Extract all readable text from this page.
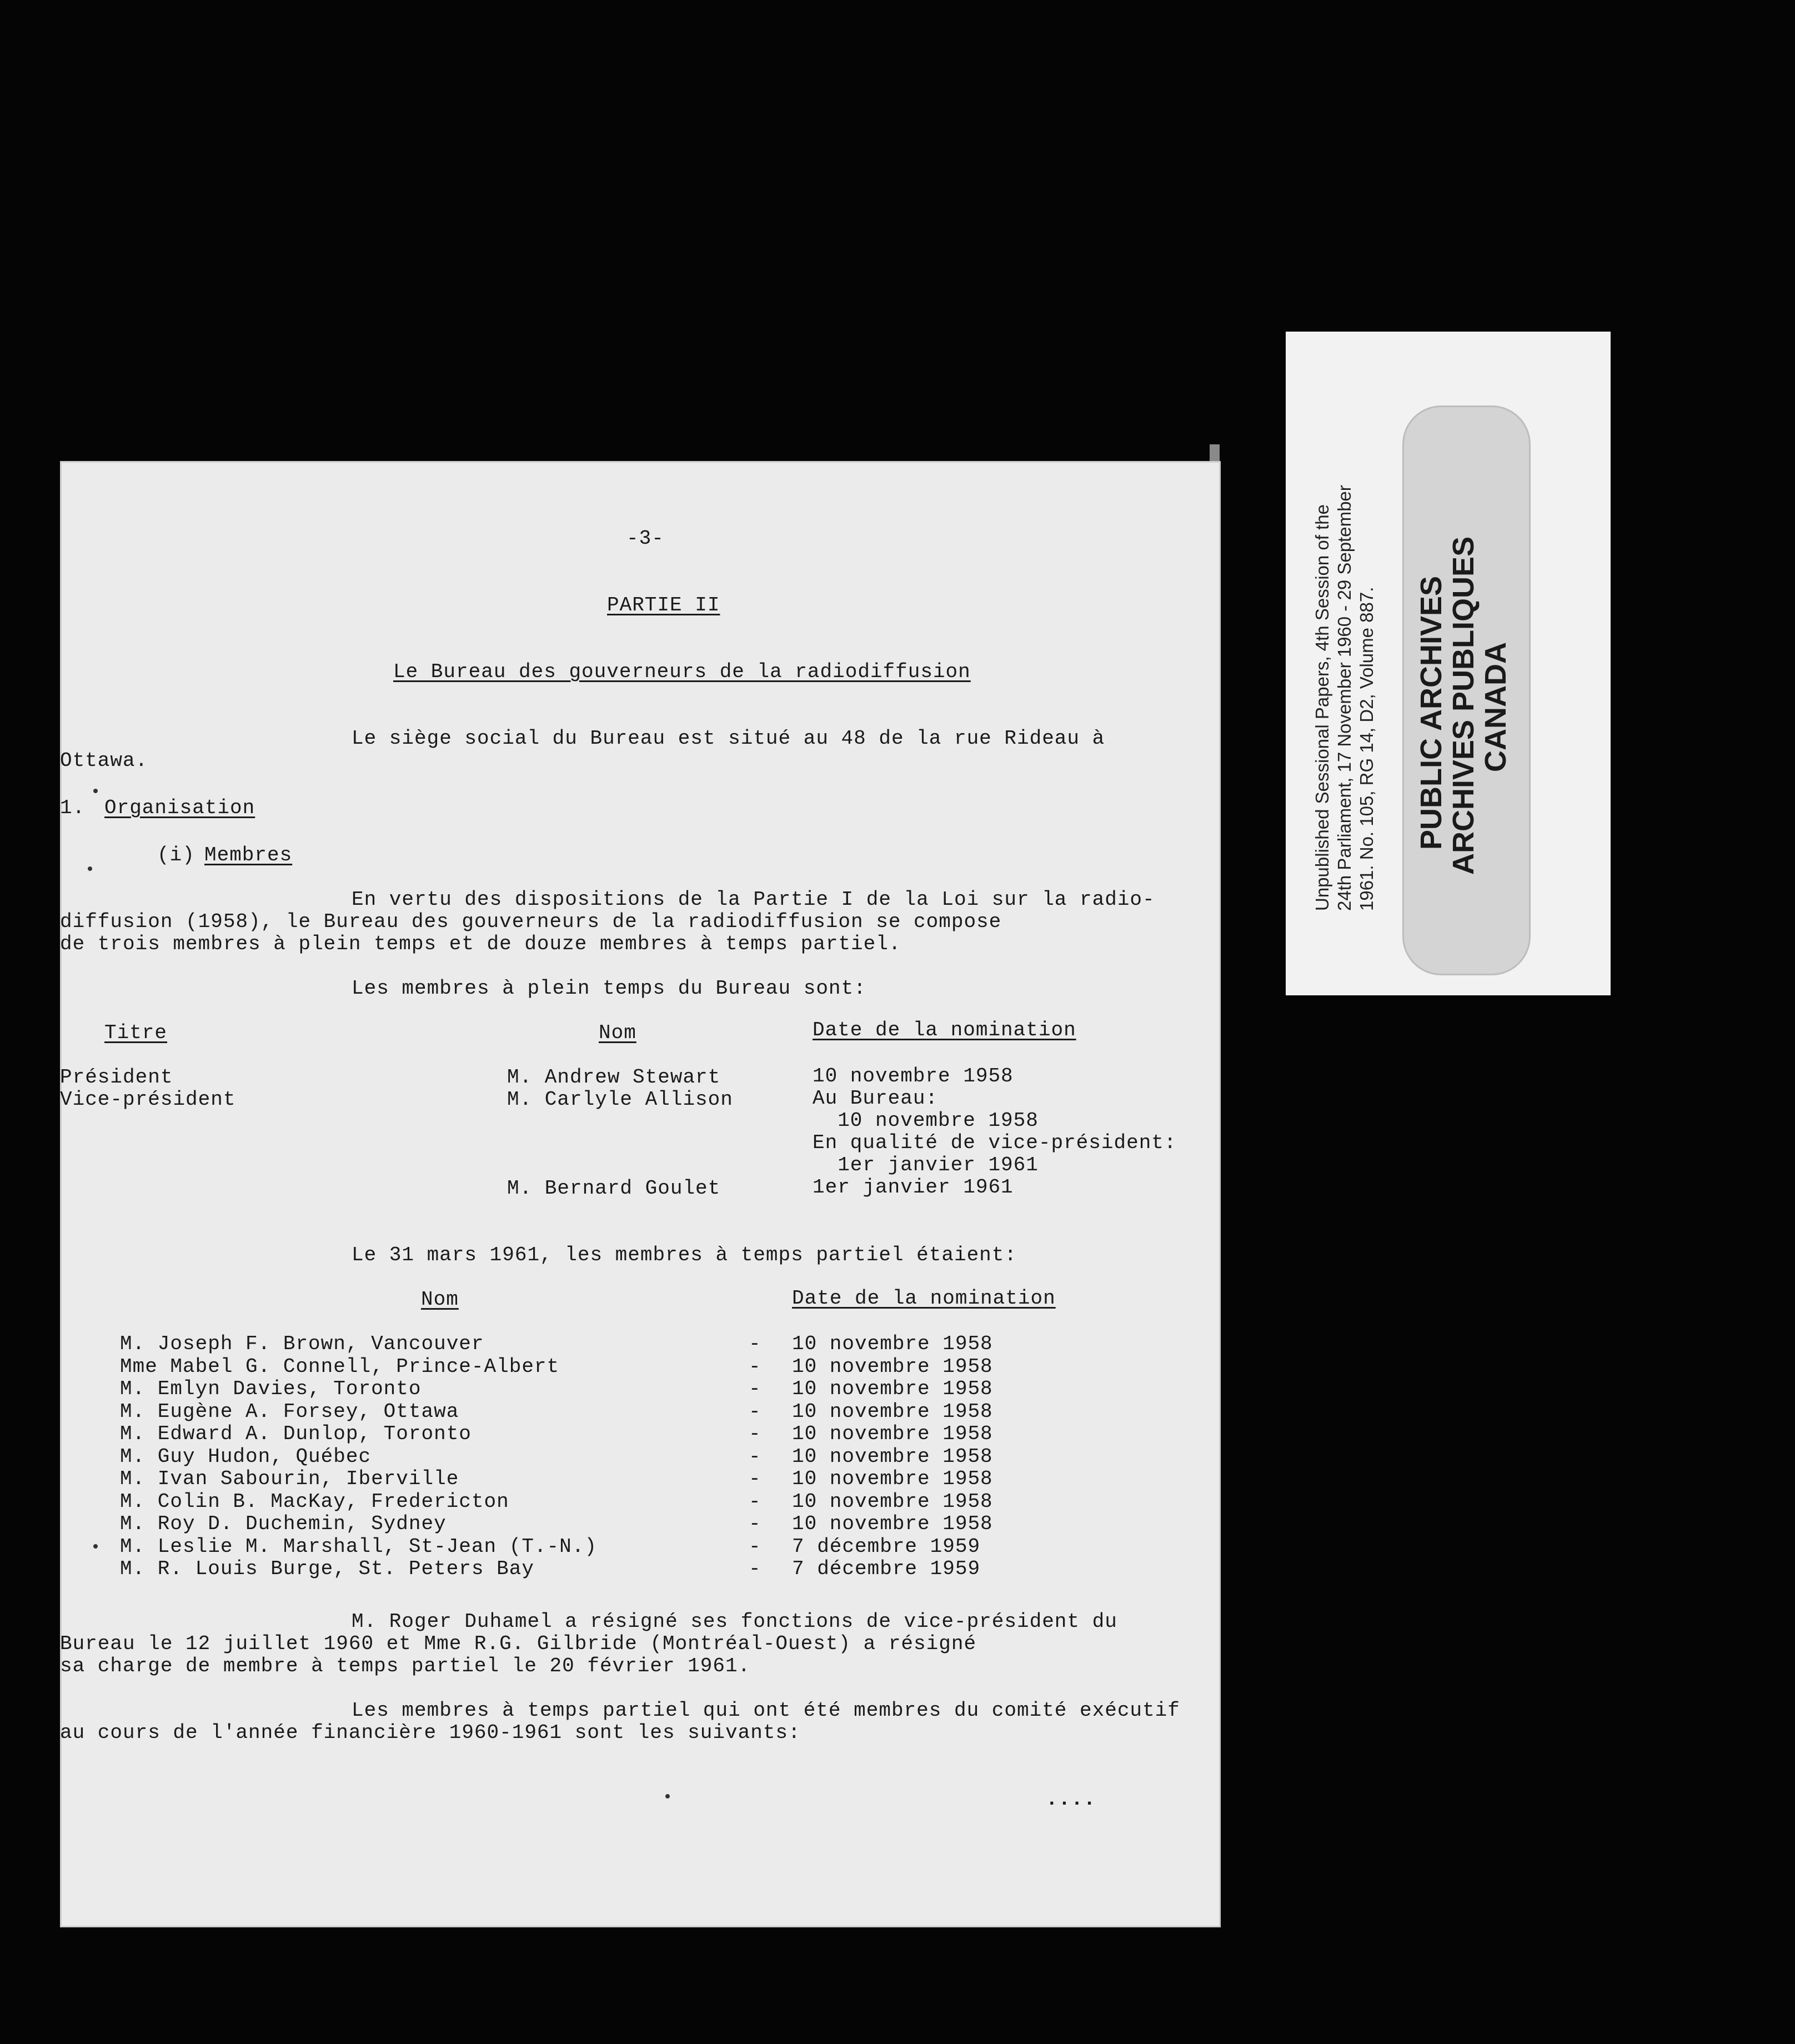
-3-
PARTIE II
Le Bureau des gouverneurs de la radiodiffusion
Le siège social du Bureau est situé au 48 de la rue Rideau à
Ottawa.
1. Organisation
(i) Membres
En vertu des dispositions de la Partie I de la Loi sur la radio-
diffusion (1958), le Bureau des gouverneurs de la radiodiffusion se compose
de trois membres à plein temps et de douze membres à temps partiel.
Les membres à plein temps du Bureau sont:
Titre	Nom	Date de la nomination
Président	M. Andrew Stewart	10 novembre 1958
Vice-président	M. Carlyle Allison	Au Bureau:
10 novembre 1958
En qualité de vice-président:
1er janvier 1961
M. Bernard Goulet	1er janvier 1961
Le 31 mars 1961, les membres à temps partiel étaient:
Nom	Date de la nomination
M. Joseph F. Brown, Vancouver	- 10 novembre 1958
Mme Mabel G. Connell, Prince-Albert	- 10 novembre 1958
M. Emlyn Davies, Toronto	- 10 novembre 1958
M. Eugène A. Forsey, Ottawa	- 10 novembre 1958
M. Edward A. Dunlop, Toronto	- 10 novembre 1958
M. Guy Hudon, Québec	- 10 novembre 1958
M. Ivan Sabourin, Iberville	- 10 novembre 1958
M. Colin B. MacKay, Fredericton	- 10 novembre 1958
M. Roy D. Duchemin, Sydney	- 10 novembre 1958
M. Leslie M. Marshall, St-Jean (T.-N.)	- 7 décembre 1959
M. R. Louis Burge, St. Peters Bay	- 7 décembre 1959
M. Roger Duhamel a résigné ses fonctions de vice-président du
Bureau le 12 juillet 1960 et Mme R.G. Gilbride (Montréal-Ouest) a résigné
sa charge de membre à temps partiel le 20 février 1961.
Les membres à temps partiel qui ont été membres du comité exécutif
au cours de l'année financière 1960-1961 sont les suivants:
....
Unpublished Sessional Papers, 4th Session of the 24th Parliament, 17 November 1960 - 29 September 1961. No. 105, RG 14, D2, Volume 887. PUBLIC ARCHIVES
ARCHIVES PUBLIQUES
CANADA
